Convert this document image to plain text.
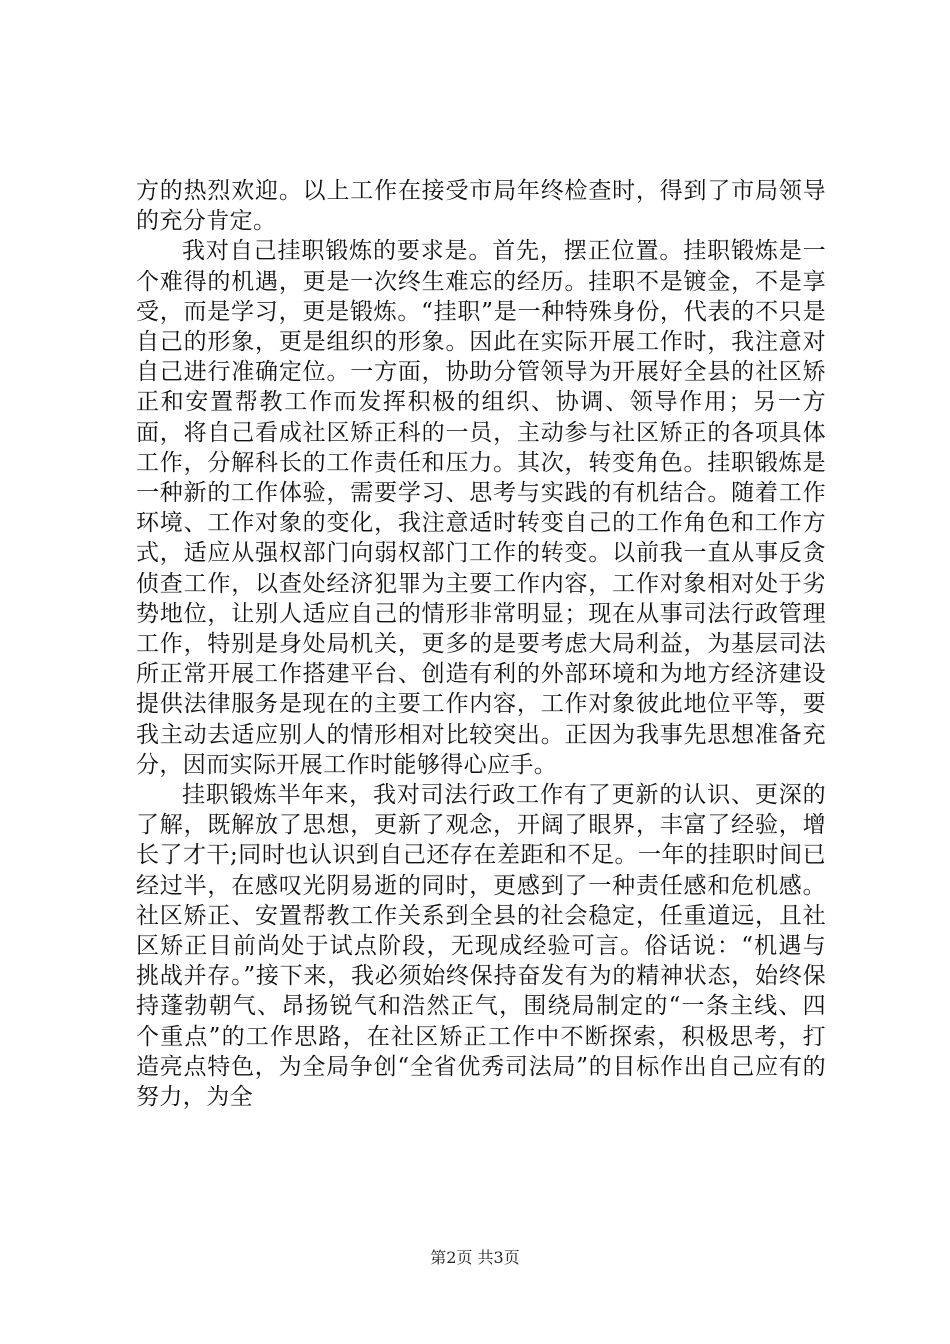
方的热烈欢迎。以上工作在接受市局年终检查时，得到了市局领导的充分肯定。

我对自己挂职锻炼的要求是。首先，摆正位置。挂职锻炼是一个难得的机遇，更是一次终生难忘的经历。挂职不是镀金，不是享受，而是学习，更是锻炼。“挂职”是一种特殊身份，代表的不只是自己的形象，更是组织的形象。因此在实际开展工作时，我注意对自己进行准确定位。一方面，协助分管领导为开展好全县的社区矫正和安置帮教工作而发挥积极的组织、协调、领导作用；另一方面，将自己看成社区矫正科的一员，主动参与社区矫正的各项具体工作，分解科长的工作责任和压力。其次，转变角色。挂职锻炼是一种新的工作体验，需要学习、思考与实践的有机结合。随着工作环境、工作对象的变化，我注意适时转变自己的工作角色和工作方式，适应从强权部门向弱权部门工作的转变。以前我一直从事反贪侦查工作，以查处经济犯罪为主要工作内容，工作对象相对处于劣势地位，让别人适应自己的情形非常明显；现在从事司法行政管理工作，特别是身处局机关，更多的是要考虑大局利益，为基层司法所正常开展工作搭建平台、创造有利的外部环境和为地方经济建设提供法律服务是现在的主要工作内容，工作对象彼此地位平等，要我主动去适应别人的情形相对比较突出。正因为我事先思想准备充分，因而实际开展工作时能够得心应手。

挂职锻炼半年来，我对司法行政工作有了更新的认识、更深的了解，既解放了思想，更新了观念，开阔了眼界，丰富了经验，增长了才干;同时也认识到自己还存在差距和不足。一年的挂职时间已经过半，在感叹光阴易逝的同时，更感到了一种责任感和危机感。社区矫正、安置帮教工作关系到全县的社会稳定，任重道远，且社区矫正目前尚处于试点阶段，无现成经验可言。俗话说：“机遇与挑战并存。”接下来，我必须始终保持奋发有为的精神状态，始终保持蓬勃朝气、昂扬锐气和浩然正气，围绕局制定的“一条主线、四个重点”的工作思路，在社区矫正工作中不断探索，积极思考，打造亮点特色，为全局争创“全省优秀司法局”的目标作出自己应有的努力，为全

第2页 共3页
